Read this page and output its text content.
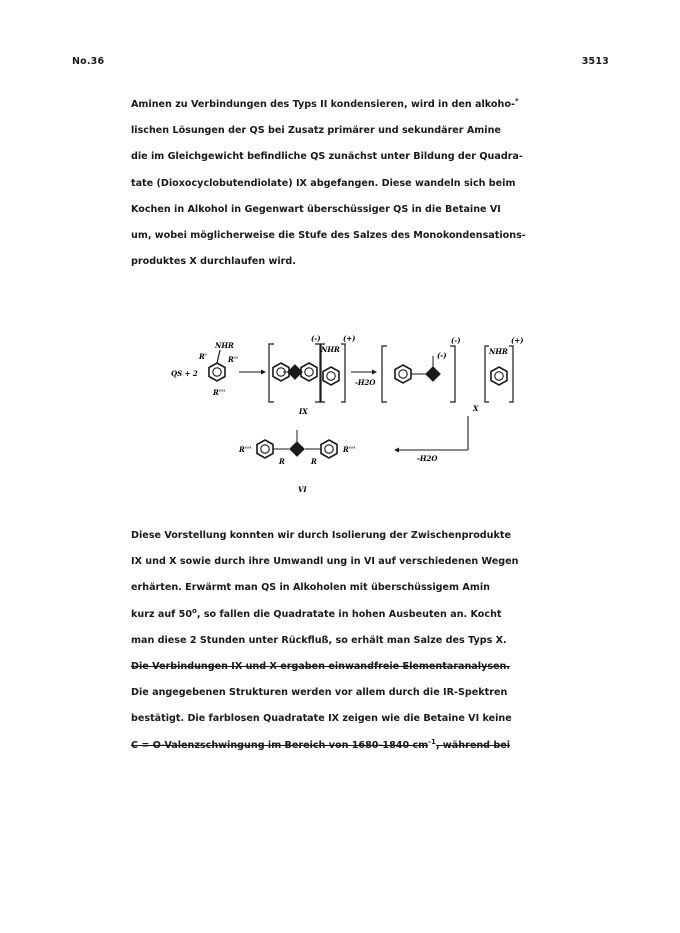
No.36	3513
Aminen zu Verbindungen des Typs II kondensieren, wird in den alkoho-*
lischen Lösungen der QS bei Zusatz primärer und sekundärer Amine
die im Gleichgewicht befindliche QS zunächst unter Bildung der Quadra-
tate (Dioxocyclobutendiolate) IX abgefangen. Diese wandeln sich beim
Kochen in Alkohol in Gegenwart überschüssiger QS in die Betaine VI
um, wobei möglicherweise die Stufe des Salzes des Monokondensations-
produktes X durchlaufen wird.
QS + 2
NHR
R'	R''
R'''
(-)
NHR
(+)
IX
-H2O
(-)
(-)
NHR
(+)
X
-H2O
R'''	R'''
R	R
VI
Diese Vorstellung konnten wir durch Isolierung der Zwischenprodukte
IX und X sowie durch ihre Umwandl ung in VI auf verschiedenen Wegen
erhärten. Erwärmt man QS in Alkoholen mit überschüssigem Amin
kurz auf 50$^o$, so fallen die Quadratate in hohen Ausbeuten an. Kocht
man diese 2 Stunden unter Rückfluß, so erhält man Salze des Typs X.
Die Verbindungen IX und X ergaben einwandfreie Elementaranalysen.
Die angegebenen Strukturen werden vor allem durch die IR-Spektren
bestätigt. Die farblosen Quadratate IX zeigen wie die Betaine VI keine
C = O-Valenzschwingung im Bereich von 1680-1840 $cm^{-1}$, während bei
